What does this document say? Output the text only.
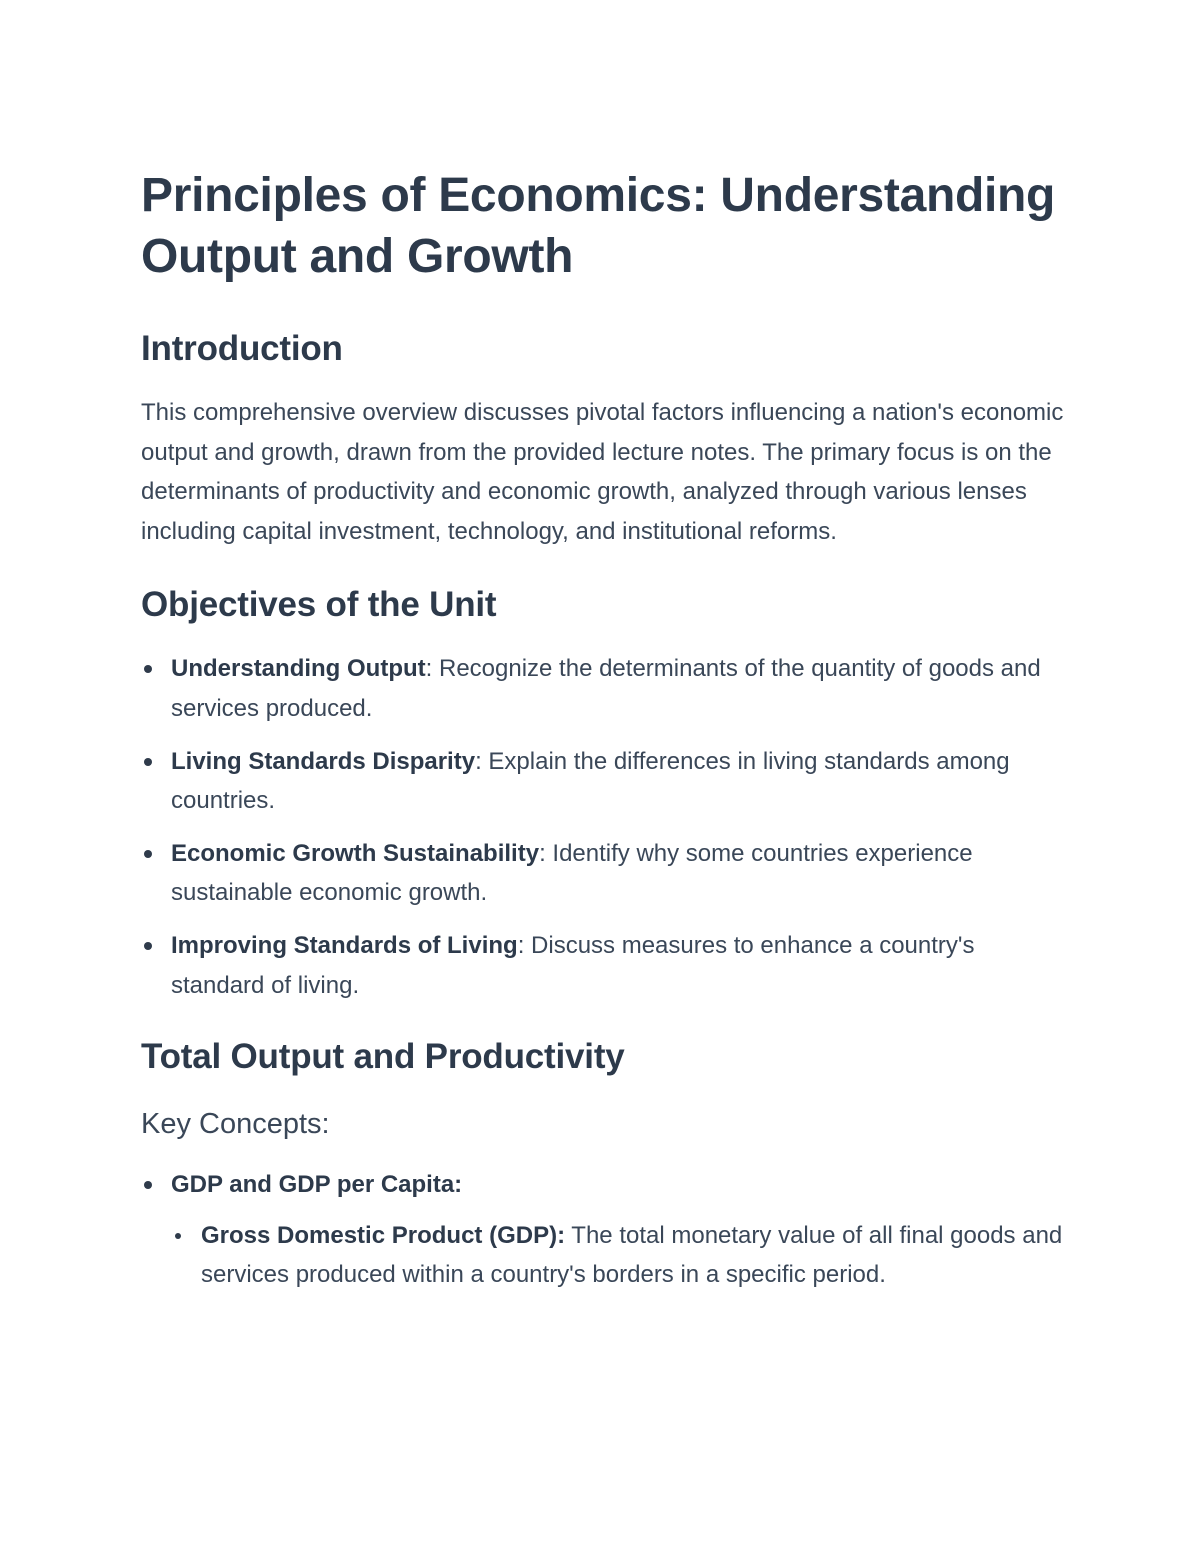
Principles of Economics: Understanding Output and Growth
Introduction

This comprehensive overview discusses pivotal factors influencing a nation's economic output and growth, drawn from the provided lecture notes. The primary focus is on the determinants of productivity and economic growth, analyzed through various lenses including capital investment, technology, and institutional reforms.

Objectives of the Unit
Understanding Output: Recognize the determinants of the quantity of goods and services produced.
Living Standards Disparity: Explain the differences in living standards among countries.
Economic Growth Sustainability: Identify why some countries experience sustainable economic growth.
Improving Standards of Living: Discuss measures to enhance a country's standard of living.
Total Output and Productivity
Key Concepts:
GDP and GDP per Capita:
Gross Domestic Product (GDP): The total monetary value of all final goods and services produced within a country's borders in a specific period.
